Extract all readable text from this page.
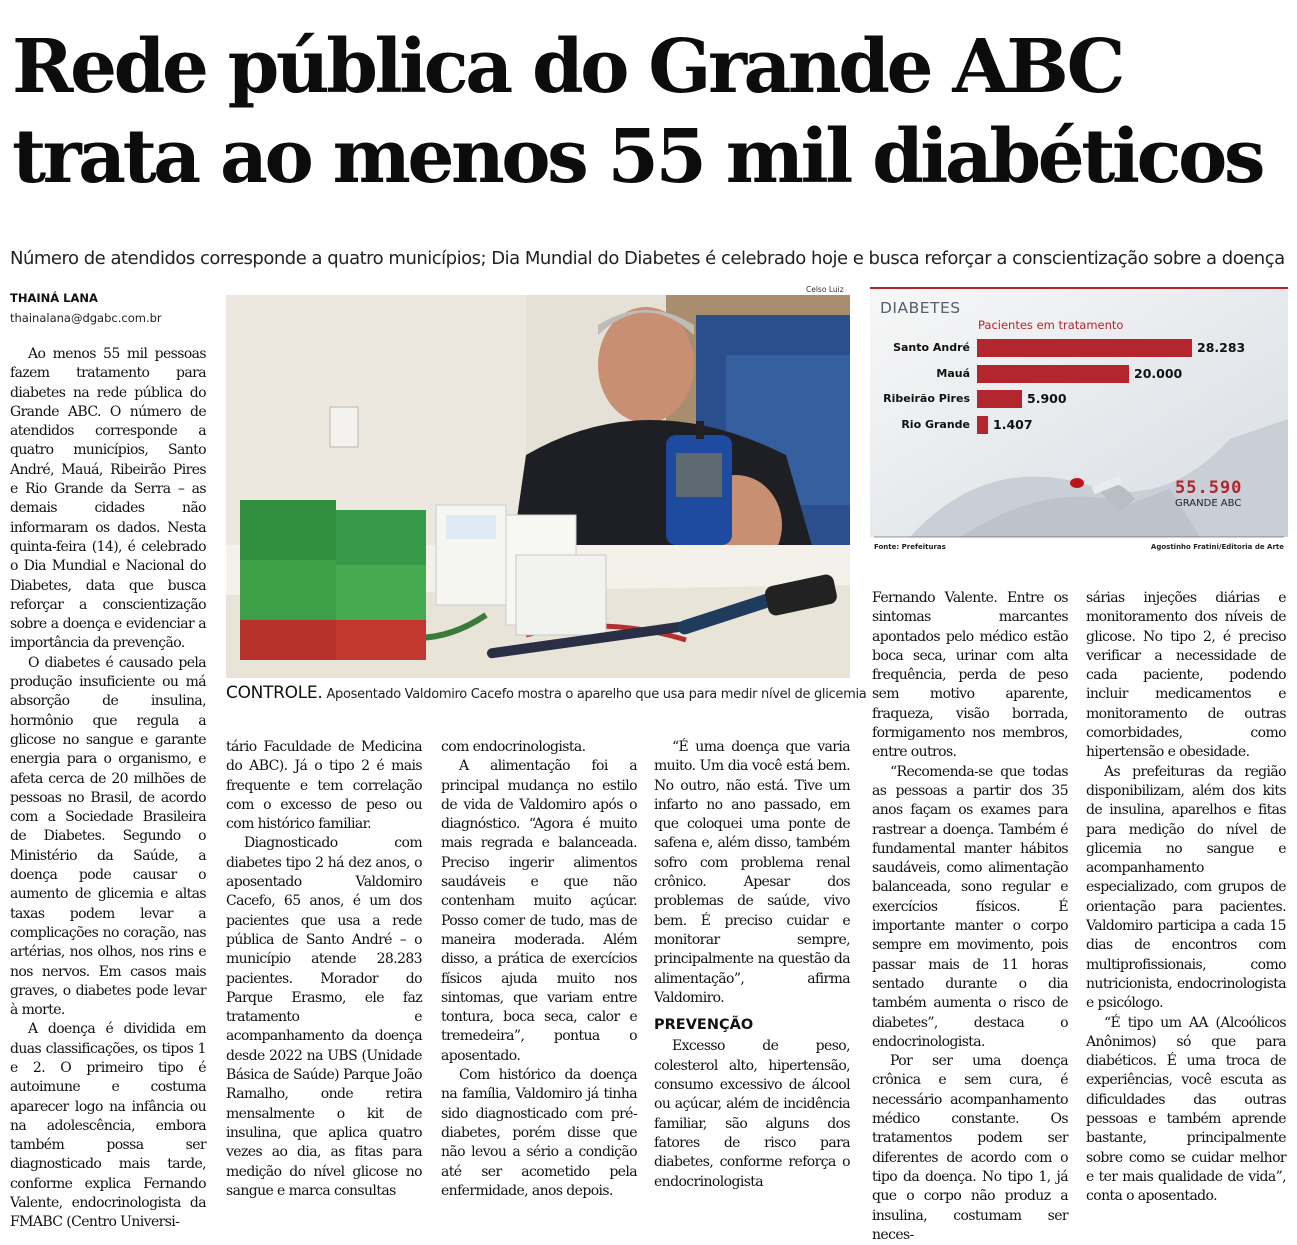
Rede pública do Grande ABC
trata ao menos 55 mil diabéticos
Número de atendidos corresponde a quatro municípios; Dia Mundial do Diabetes é celebrado hoje e busca reforçar a conscientização sobre a doença
THAINÁ LANA
thainalana@dgabc.com.br

Ao menos 55 mil pessoas fazem tratamento para diabetes na rede pública do Grande ABC. O número de atendidos corresponde a quatro municípios, Santo André, Mauá, Ribeirão Pires e Rio Grande da Serra – as demais cidades não informaram os dados. Nesta quinta-feira (14), é celebrado o Dia Mundial e Nacional do Diabetes, data que busca reforçar a conscientização sobre a doença e evidenciar a importância da prevenção.

O diabetes é causado pela produção insuficiente ou má absorção de insulina, hormônio que regula a glicose no sangue e garante energia para o organismo, e afeta cerca de 20 milhões de pessoas no Brasil, de acordo com a Sociedade Brasileira de Diabetes. Segundo o Ministério da Saúde, a doença pode causar o aumento de glicemia e altas taxas podem levar a complicações no coração, nas artérias, nos olhos, nos rins e nos nervos. Em casos mais graves, o diabetes pode levar à morte.

A doença é dividida em duas classificações, os tipos 1 e 2. O primeiro tipo é autoimune e costuma aparecer logo na infância ou na adolescência, embora também possa ser diagnosticado mais tarde, conforme explica Fernando Valente, endocrinologista da FMABC (Centro Universi-

Celso Luiz
CONTROLE. Aposentado Valdomiro Cacefo mostra o aparelho que usa para medir nível de glicemia
DIABETES
Pacientes em tratamento
Santo André	28.283
Mauá	20.000
Ribeirão Pires	5.900
Rio Grande 1.407
55.590
GRANDE ABC
Fonte: Prefeituras	Agostinho Fratini/Editoria de Arte

tário Faculdade de Medicina do ABC). Já o tipo 2 é mais frequente e tem correlação com o excesso de peso ou com histórico familiar.

Diagnosticado com diabetes tipo 2 há dez anos, o aposentado Valdomiro Cacefo, 65 anos, é um dos pacientes que usa a rede pública de Santo André – o município atende 28.283 pacientes. Morador do Parque Erasmo, ele faz tratamento e acompanhamento da doença desde 2022 na UBS (Unidade Básica de Saúde) Parque João Ramalho, onde retira mensalmente o kit de insulina, que aplica quatro vezes ao dia, as fitas para medição do nível glicose no sangue e marca consultas

com endocrinologista.

A alimentação foi a principal mudança no estilo de vida de Valdomiro após o diagnóstico. “Agora é muito mais regrada e balanceada. Preciso ingerir alimentos saudáveis e que não contenham muito açúcar. Posso comer de tudo, mas de maneira moderada. Além disso, a prática de exercícios físicos ajuda muito nos sintomas, que variam entre tontura, boca seca, calor e tremedeira”, pontua o aposentado.

Com histórico da doença na família, Valdomiro já tinha sido diagnosticado com pré-diabetes, porém disse que não levou a sério a condição até ser acometido pela enfermidade, anos depois.

“É uma doença que varia muito. Um dia você está bem. No outro, não está. Tive um infarto no ano passado, em que coloquei uma ponte de safena e, além disso, também sofro com problema renal crônico. Apesar dos problemas de saúde, vivo bem. É preciso cuidar e monitorar sempre, principalmente na questão da alimentação”, afirma Valdomiro.

PREVENÇÃO

Excesso de peso, colesterol alto, hipertensão, consumo excessivo de álcool ou açúcar, além de incidência familiar, são alguns dos fatores de risco para diabetes, conforme reforça o endocrinologista

Fernando Valente. Entre os sintomas marcantes apontados pelo médico estão boca seca, urinar com alta frequência, perda de peso sem motivo aparente, fraqueza, visão borrada, formigamento nos membros, entre outros.

“Recomenda-se que todas as pessoas a partir dos 35 anos façam os exames para rastrear a doença. Também é fundamental manter hábitos saudáveis, como alimentação balanceada, sono regular e exercícios físicos. É importante manter o corpo sempre em movimento, pois passar mais de 11 horas sentado durante o dia também aumenta o risco de diabetes”, destaca o endocrinologista.

Por ser uma doença crônica e sem cura, é necessário acompanhamento médico constante. Os tratamentos podem ser diferentes de acordo com o tipo da doença. No tipo 1, já que o corpo não produz a insulina, costumam ser neces-

sárias injeções diárias e monitoramento dos níveis de glicose. No tipo 2, é preciso verificar a necessidade de cada paciente, podendo incluir medicamentos e monitoramento de outras comorbidades, como hipertensão e obesidade.

As prefeituras da região disponibilizam, além dos kits de insulina, aparelhos e fitas para medição do nível de glicemia no sangue e acompanhamento especializado, com grupos de orientação para pacientes. Valdomiro participa a cada 15 dias de encontros com multiprofissionais, como nutricionista, endocrinologista e psicólogo.

“É tipo um AA (Alcoólicos Anônimos) só que para diabéticos. É uma troca de experiências, você escuta as dificuldades das outras pessoas e também aprende bastante, principalmente sobre como se cuidar melhor e ter mais qualidade de vida”, conta o aposentado.
